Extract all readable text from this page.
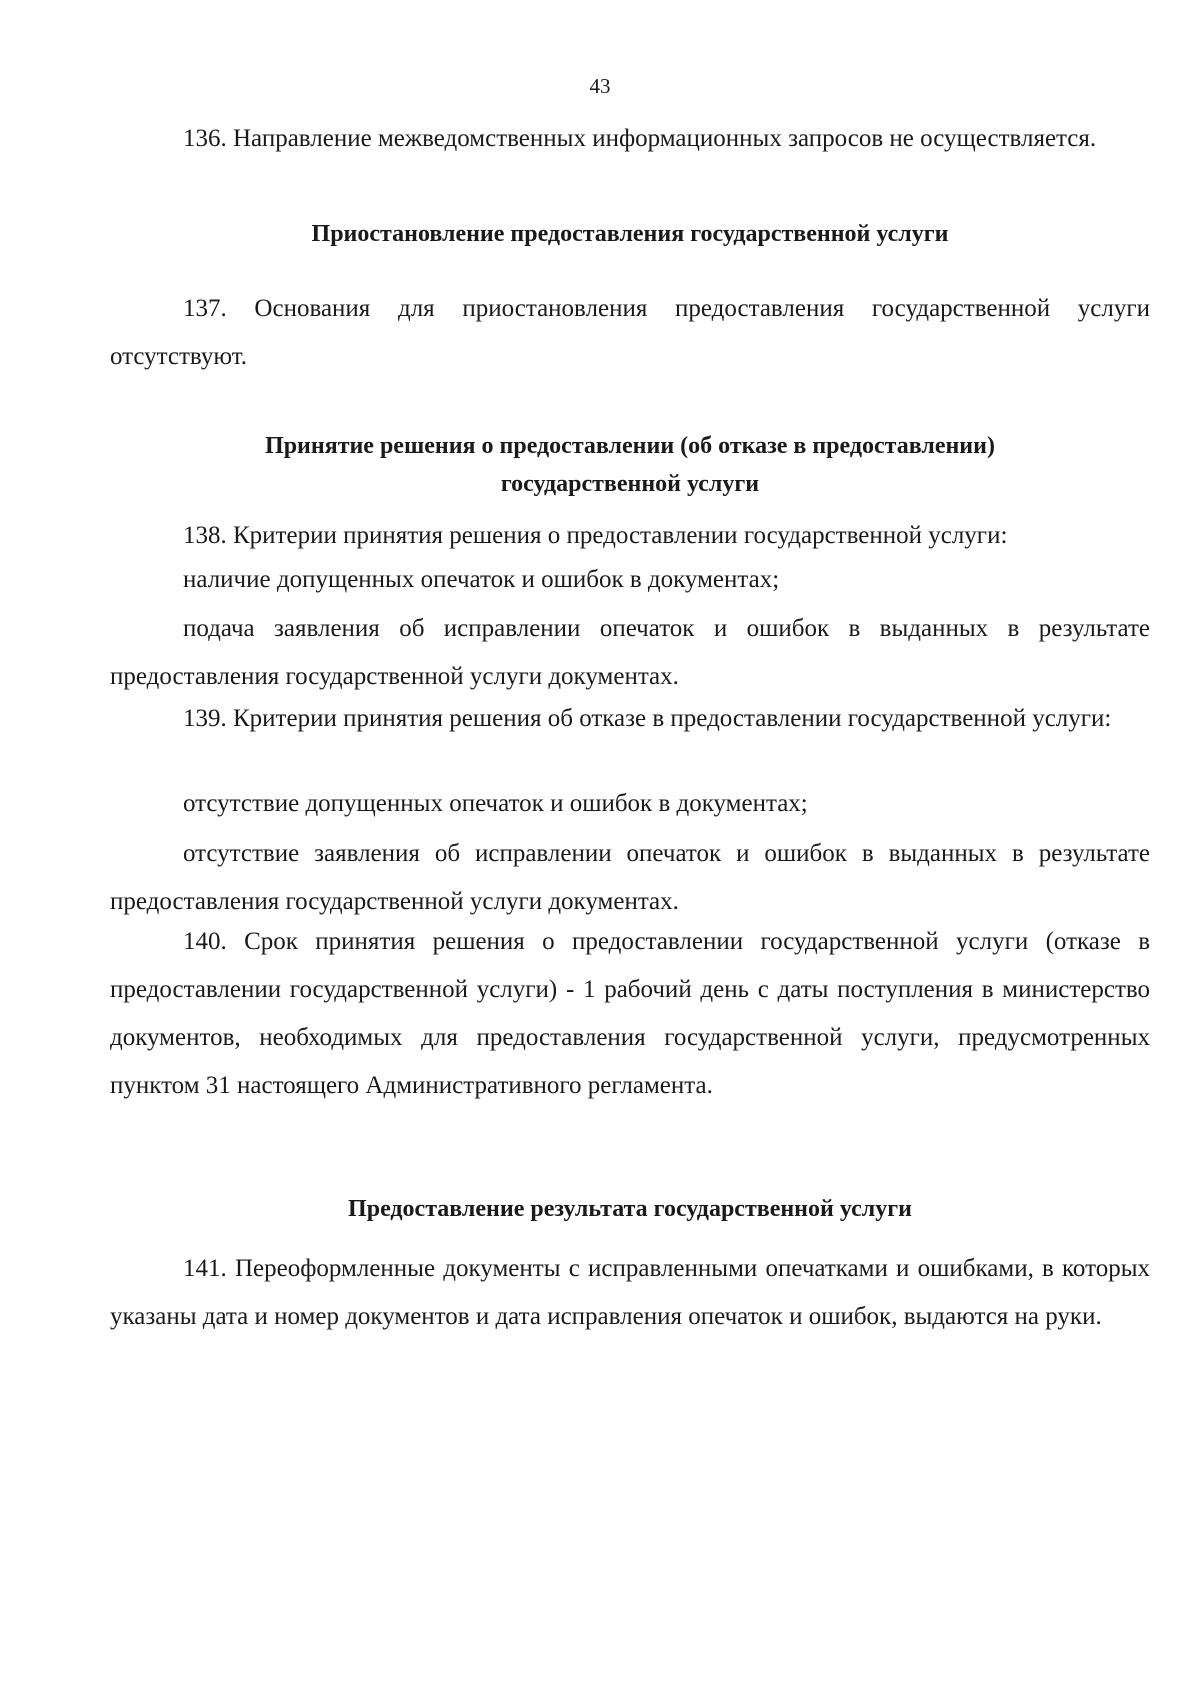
43

136. Направление межведомственных информационных запросов не осуществляется.

Приостановление предоставления государственной услуги

137. Основания для приостановления предоставления государственной услуги отсутствуют.

Принятие решения о предоставлении (об отказе в предоставлении)

государственной услуги

138. Критерии принятия решения о предоставлении государственной услуги:

наличие допущенных опечаток и ошибок в документах;

подача заявления об исправлении опечаток и ошибок в выданных в результате предоставления государственной услуги документах.

139. Критерии принятия решения об отказе в предоставлении государственной услуги:

отсутствие допущенных опечаток и ошибок в документах;

отсутствие заявления об исправлении опечаток и ошибок в выданных в результате предоставления государственной услуги документах.

140. Срок принятия решения о предоставлении государственной услуги (отказе в предоставлении государственной услуги) - 1 рабочий день с даты поступления в министерство документов, необходимых для предоставления государственной услуги, предусмотренных пунктом 31 настоящего Административного регламента.

Предоставление результата государственной услуги

141. Переоформленные документы с исправленными опечатками и ошибками, в которых указаны дата и номер документов и дата исправления опечаток и ошибок, выдаются на руки.
